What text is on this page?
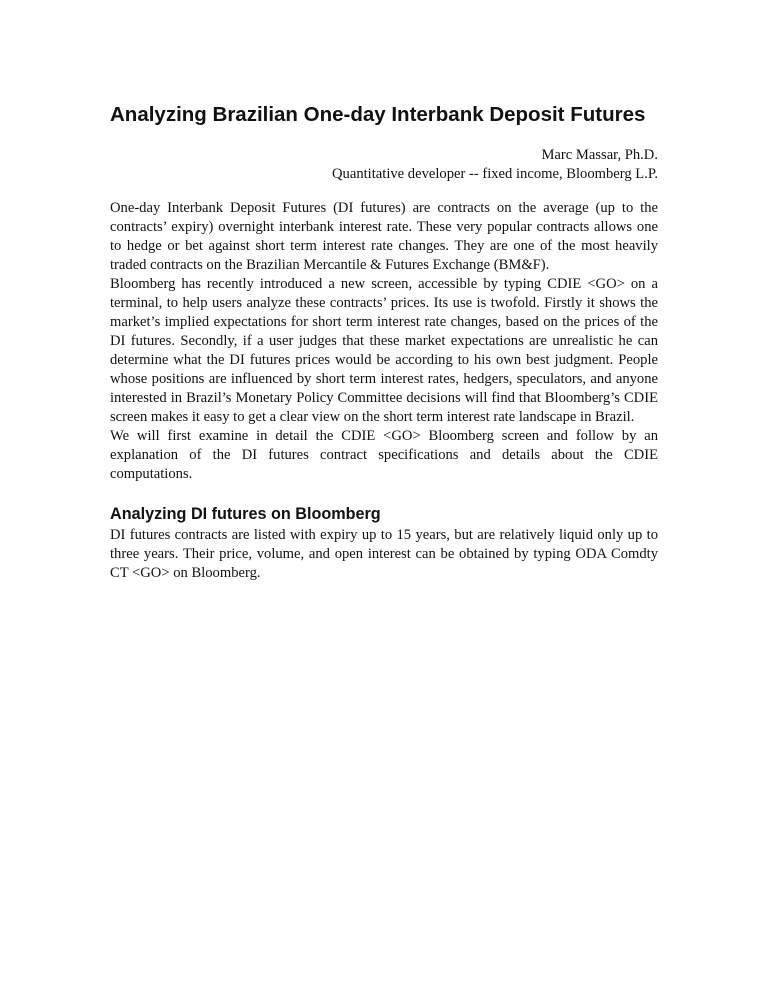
Analyzing Brazilian One-day Interbank Deposit Futures
Marc Massar, Ph.D.
Quantitative developer -- fixed income, Bloomberg L.P.

One-day Interbank Deposit Futures (DI futures) are contracts on the average (up to the contracts’ expiry) overnight interbank interest rate. These very popular contracts allows one to hedge or bet against short term interest rate changes. They are one of the most heavily traded contracts on the Brazilian Mercantile & Futures Exchange (BM&F).

Bloomberg has recently introduced a new screen, accessible by typing CDIE <GO> on a terminal, to help users analyze these contracts’ prices. Its use is twofold. Firstly it shows the market’s implied expectations for short term interest rate changes, based on the prices of the DI futures. Secondly, if a user judges that these market expectations are unrealistic he can determine what the DI futures prices would be according to his own best judgment. People whose positions are influenced by short term interest rates, hedgers, speculators, and anyone interested in Brazil’s Monetary Policy Committee decisions will find that Bloomberg’s CDIE screen makes it easy to get a clear view on the short term interest rate landscape in Brazil.

We will first examine in detail the CDIE <GO> Bloomberg screen and follow by an explanation of the DI futures contract specifications and details about the CDIE computations.

Analyzing DI futures on Bloomberg

DI futures contracts are listed with expiry up to 15 years, but are relatively liquid only up to three years. Their price, volume, and open interest can be obtained by typing ODA Comdty CT <GO> on Bloomberg.
